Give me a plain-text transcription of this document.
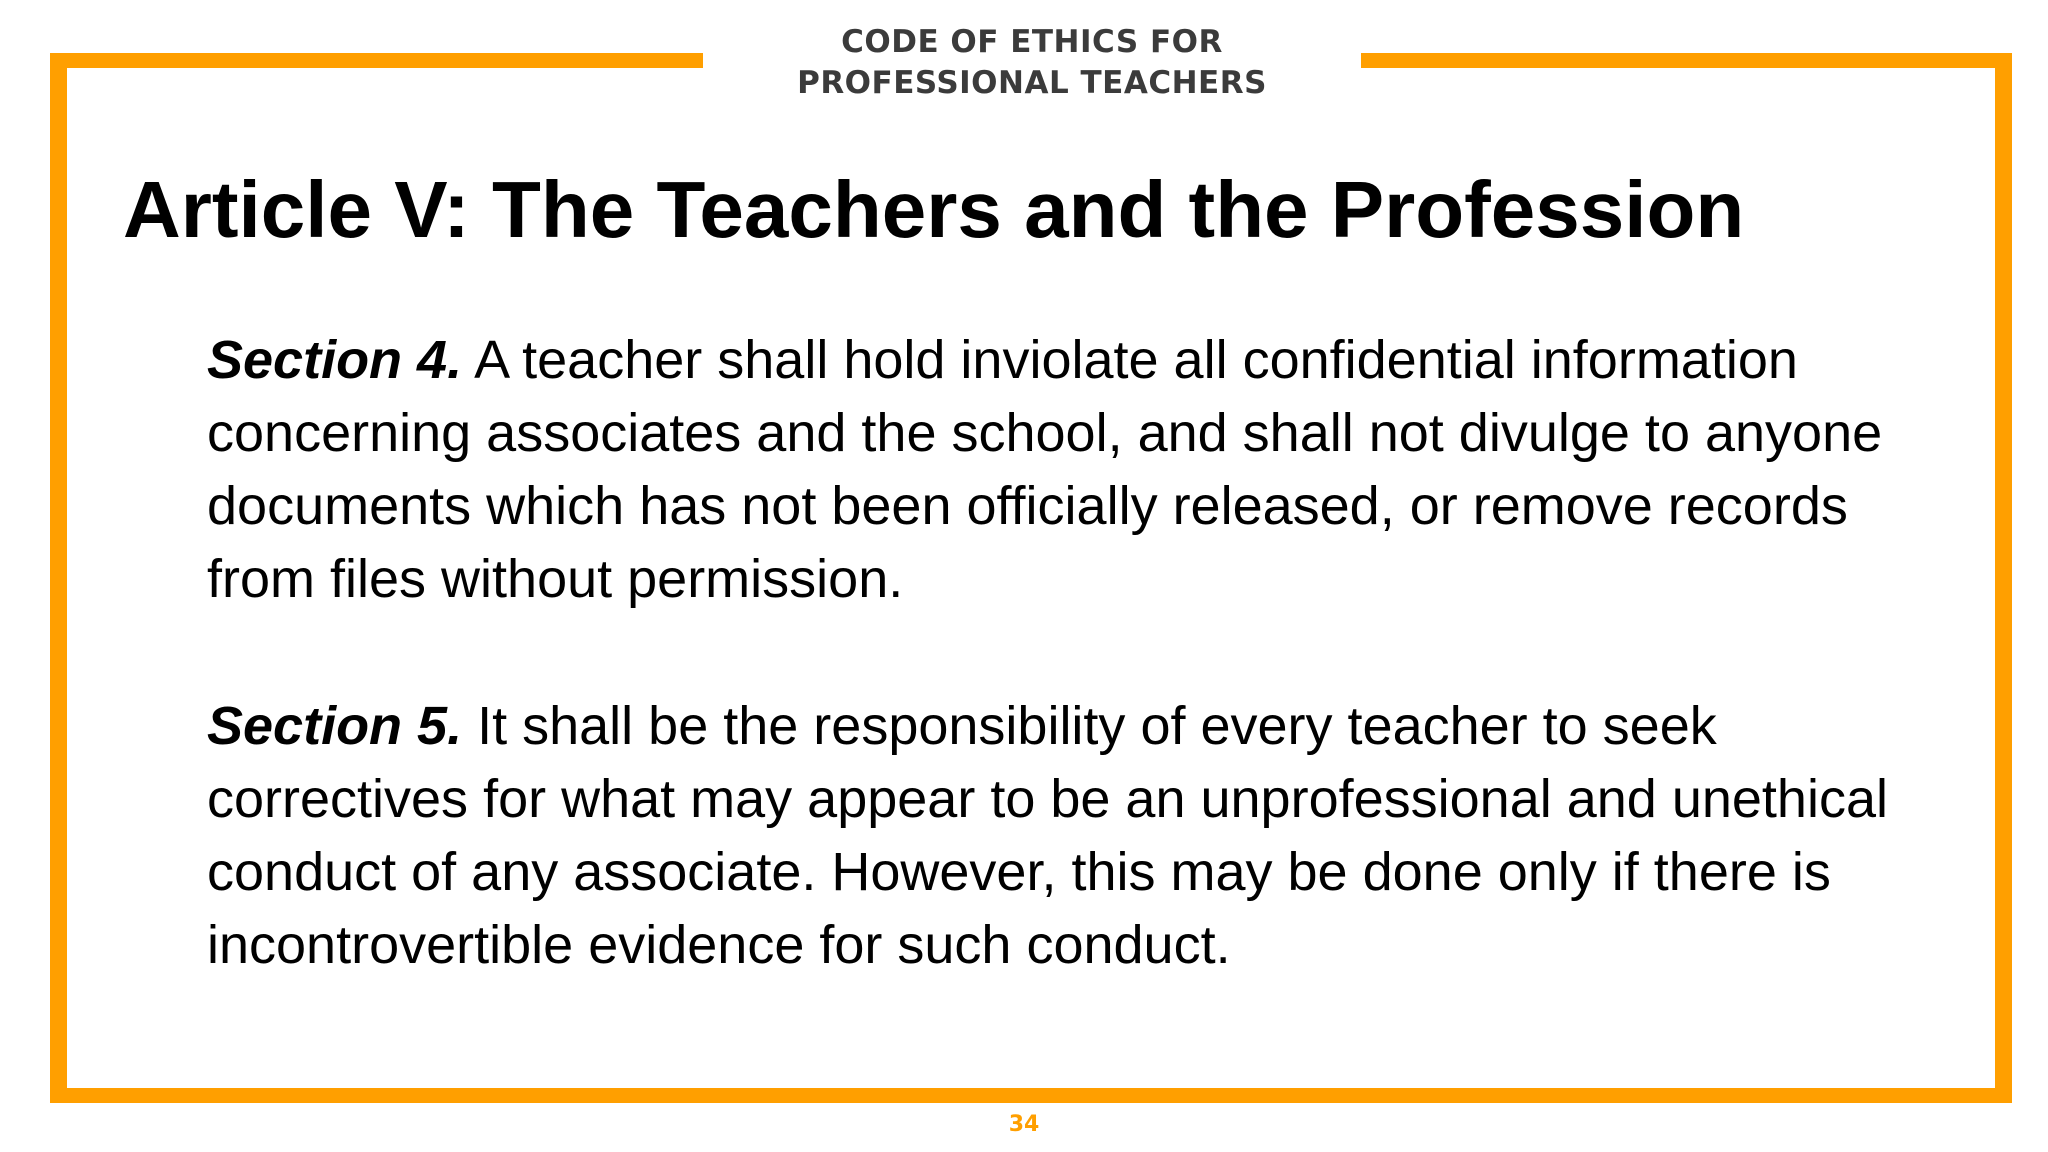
CODE OF ETHICS FOR
PROFESSIONAL TEACHERS
Article V: The Teachers and the Profession

Section 4. A teacher shall hold inviolate all confidential information concerning associates and the school, and shall not divulge to anyone documents which has not been officially released, or remove records from files without permission.

Section 5. It shall be the responsibility of every teacher to seek correctives for what may appear to be an unprofessional and unethical conduct of any associate. However, this may be done only if there is incontrovertible evidence for such conduct.

34
